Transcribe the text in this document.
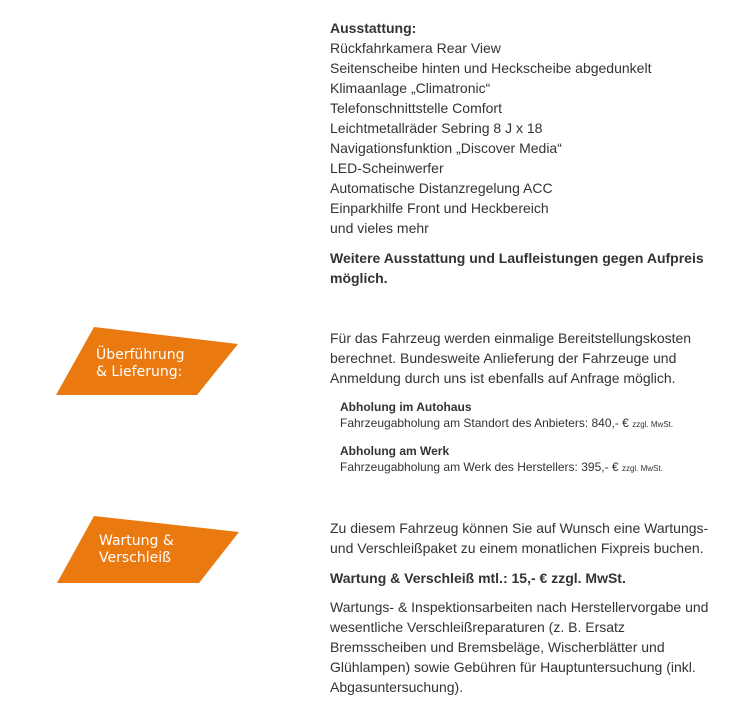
Ausstattung:
Rückfahrkamera Rear View
Seitenscheibe hinten und Heckscheibe abgedunkelt
Klimaanlage „Climatronic“
Telefonschnittstelle Comfort
Leichtmetallräder Sebring 8 J x 18
Navigationsfunktion „Discover Media“
LED-Scheinwerfer
Automatische Distanzregelung ACC
Einparkhilfe Front und Heckbereich
und vieles mehr
Weitere Ausstattung und Laufleistungen gegen Aufpreis möglich.
Überführung
& Lieferung:
Für das Fahrzeug werden einmalige Bereitstellungskosten berechnet. Bundesweite Anlieferung der Fahrzeuge und Anmeldung durch uns ist ebenfalls auf Anfrage möglich.
Abholung im Autohaus
Fahrzeugabholung am Standort des Anbieters: 840,- € zzgl. MwSt.
Abholung am Werk
Fahrzeugabholung am Werk des Herstellers: 395,- € zzgl. MwSt.
Wartung &
Verschleiß
Zu diesem Fahrzeug können Sie auf Wunsch eine Wartungs- und Verschleißpaket zu einem monatlichen Fixpreis buchen.
Wartung & Verschleiß mtl.: 15,- € zzgl. MwSt.
Wartungs- & Inspektionsarbeiten nach Herstellervorgabe und wesentliche Verschleißreparaturen (z. B. Ersatz Bremsscheiben und Bremsbeläge, Wischerblätter und Glühlampen) sowie Gebühren für Hauptuntersuchung (inkl. Abgasuntersuchung).
